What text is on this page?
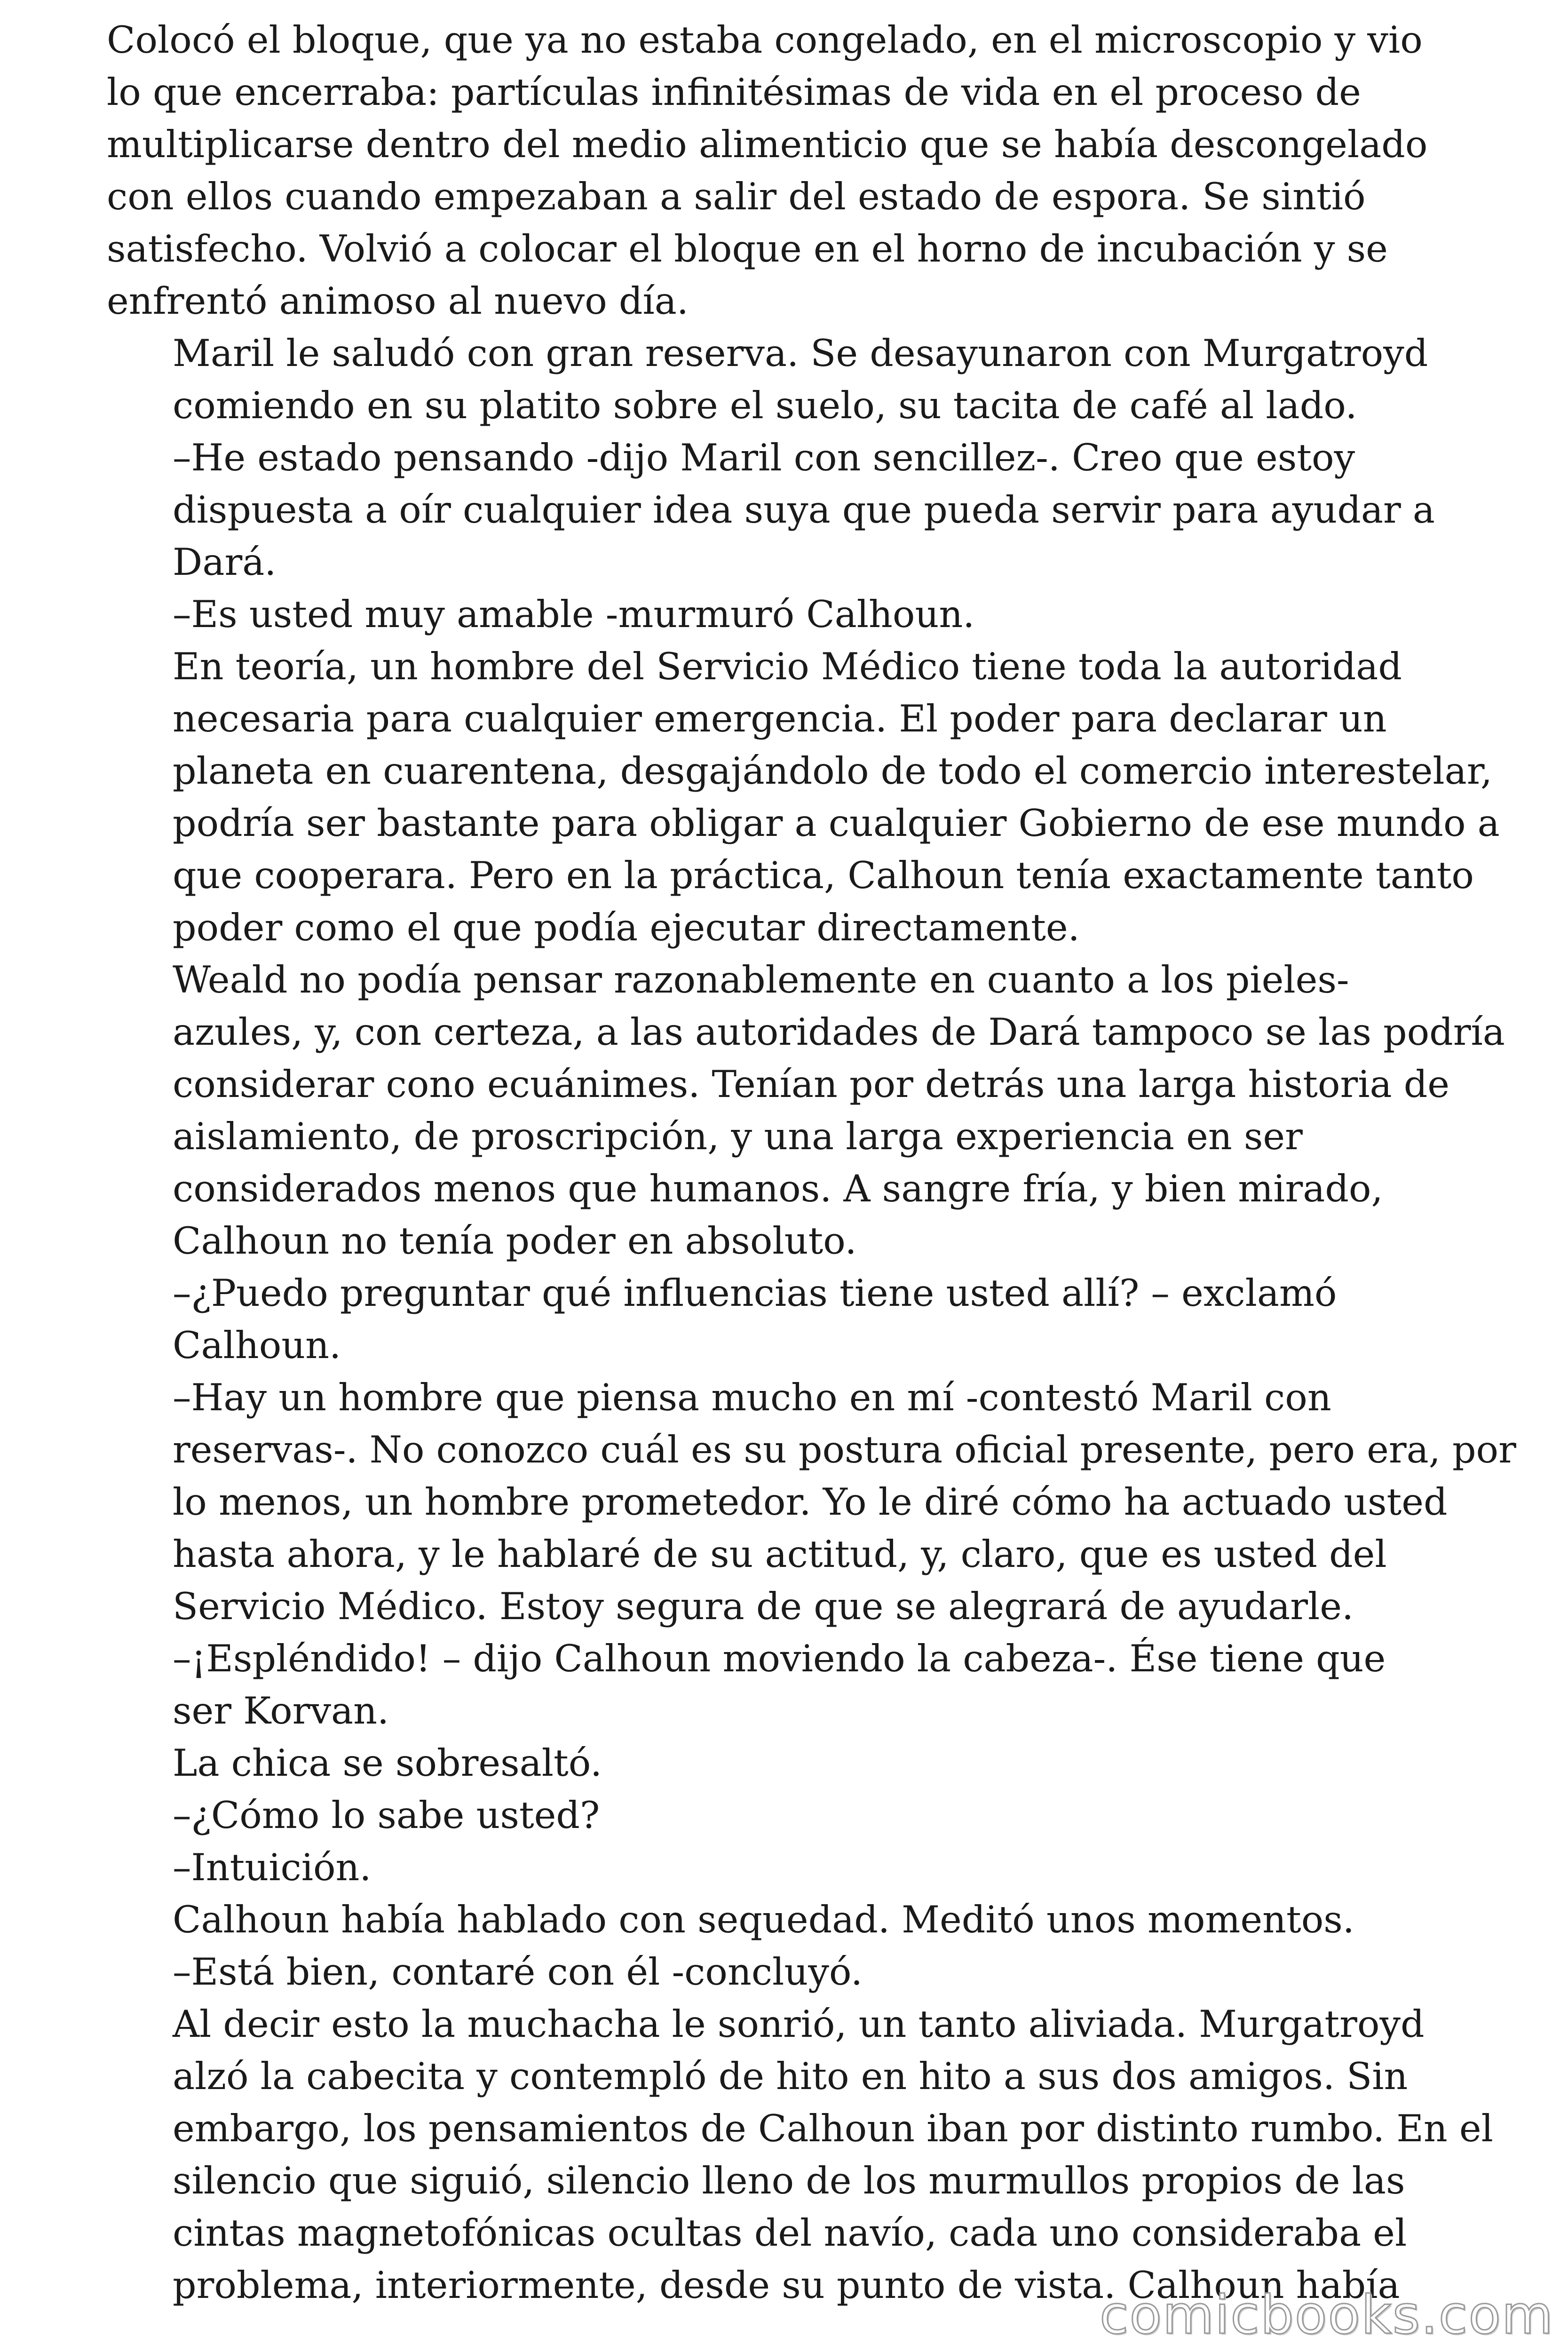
Colocó el bloque, que ya no estaba congelado, en el microscopio y vio
lo que encerraba: partículas infinitésimas de vida en el proceso de
multiplicarse dentro del medio alimenticio que se había descongelado
con ellos cuando empezaban a salir del estado de espora. Se sintió
satisfecho. Volvió a colocar el bloque en el horno de incubación y se
enfrentó animoso al nuevo día.

Maril le saludó con gran reserva. Se desayunaron con Murgatroyd
comiendo en su platito sobre el suelo, su tacita de café al lado.

–He estado pensando -dijo Maril con sencillez-. Creo que estoy
dispuesta a oír cualquier idea suya que pueda servir para ayudar a
Dará.

–Es usted muy amable -murmuró Calhoun.

En teoría, un hombre del Servicio Médico tiene toda la autoridad
necesaria para cualquier emergencia. El poder para declarar un
planeta en cuarentena, desgajándolo de todo el comercio interestelar,
podría ser bastante para obligar a cualquier Gobierno de ese mundo a
que cooperara. Pero en la práctica, Calhoun tenía exactamente tanto
poder como el que podía ejecutar directamente.

Weald no podía pensar razonablemente en cuanto a los pieles-
azules, y, con certeza, a las autoridades de Dará tampoco se las podría
considerar cono ecuánimes. Tenían por detrás una larga historia de
aislamiento, de proscripción, y una larga experiencia en ser
considerados menos que humanos. A sangre fría, y bien mirado,
Calhoun no tenía poder en absoluto.

–¿Puedo preguntar qué influencias tiene usted allí? – exclamó
Calhoun.

–Hay un hombre que piensa mucho en mí -contestó Maril con
reservas-. No conozco cuál es su postura oficial presente, pero era, por
lo menos, un hombre prometedor. Yo le diré cómo ha actuado usted
hasta ahora, y le hablaré de su actitud, y, claro, que es usted del
Servicio Médico. Estoy segura de que se alegrará de ayudarle.

–¡Espléndido! – dijo Calhoun moviendo la cabeza-. Ése tiene que
ser Korvan.

La chica se sobresaltó.

–¿Cómo lo sabe usted?

–Intuición.

Calhoun había hablado con sequedad. Meditó unos momentos.

–Está bien, contaré con él -concluyó.

Al decir esto la muchacha le sonrió, un tanto aliviada. Murgatroyd
alzó la cabecita y contempló de hito en hito a sus dos amigos. Sin
embargo, los pensamientos de Calhoun iban por distinto rumbo. En el
silencio que siguió, silencio lleno de los murmullos propios de las
cintas magnetofónicas ocultas del navío, cada uno consideraba el
problema, interiormente, desde su punto de vista. Calhoun había

comicbooks.com
